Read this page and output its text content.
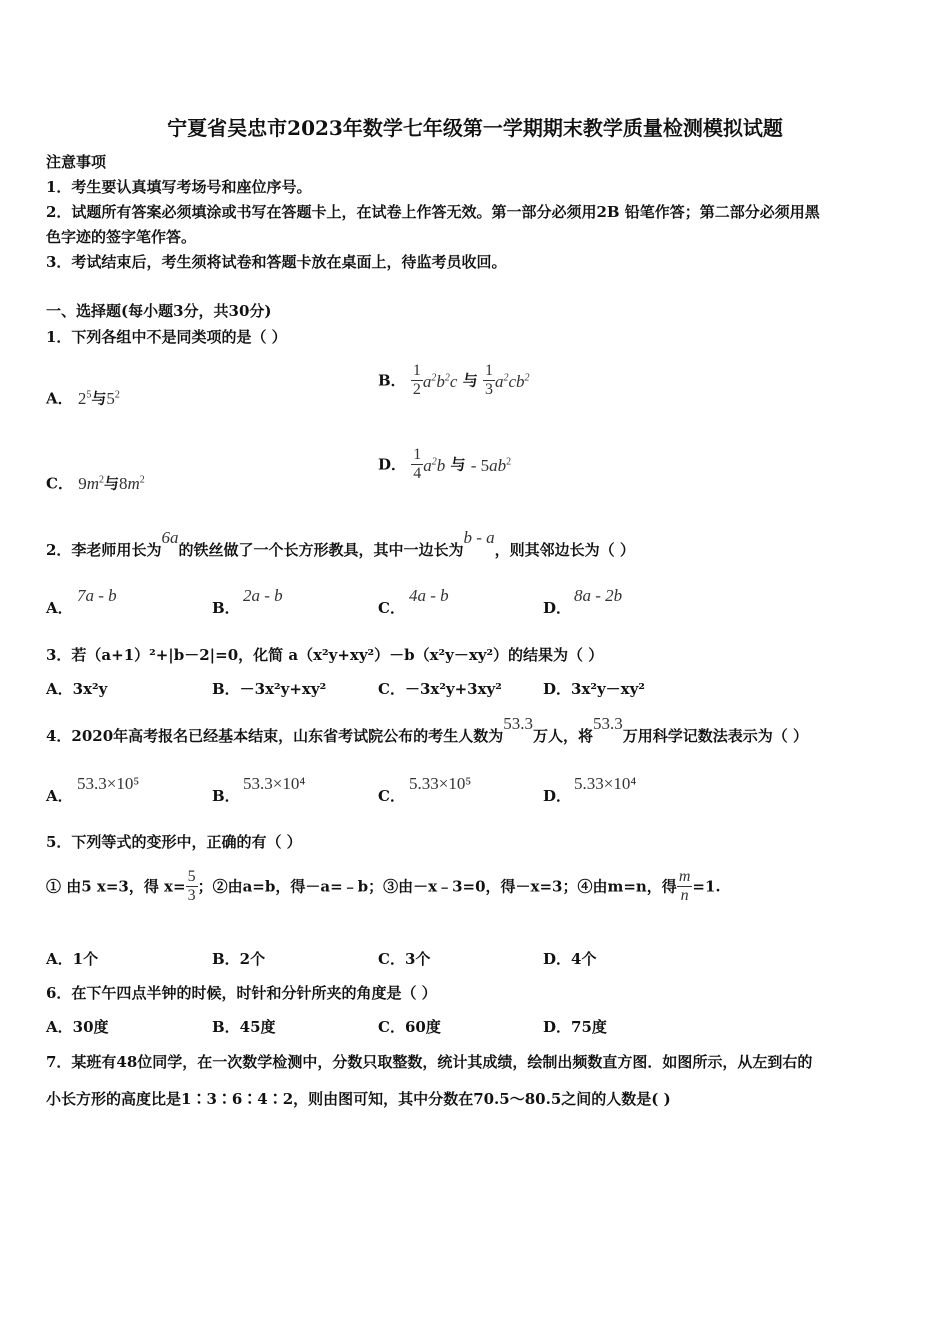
宁夏省吴忠市2023年数学七年级第一学期期末教学质量检测模拟试题
注意事项
1．考生要认真填写考场号和座位序号。
2．试题所有答案必须填涂或书写在答题卡上，在试卷上作答无效。第一部分必须用2B 铅笔作答；第二部分必须用黑
色字迹的签字笔作答。
3．考试结束后，考生须将试卷和答题卡放在桌面上，待监考员收回。
一、选择题(每小题3分，共30分)
1．下列各组中不是同类项的是（ ）
A． $2^5$与$5^2$
B． $\frac{1}{2} a^2b^2c$ 与 $\frac{1}{3} a^2cb^2$
C． $9m^2$与$8m^2$
D． $\frac{1}{4} a^2b$ 与 - $5ab^2$
2．李老师用长为6a的铁丝做了一个长方形教具，其中一边长为b - a，则其邻边长为（ ）
A．
7a - b
B．
2a - b
C．
4a - b
D．
8a - 2b
3．若（a+1）²+|b－2|=0，化简 a（x²y+xy²）－b（x²y－xy²）的结果为（ ）
A．3x²y	B．－3x²y+xy²	C．－3x²y+3xy²	D．3x²y－xy²
4．2020年高考报名已经基本结束，山东省考试院公布的考生人数为53.3万人，将53.3万用科学记数法表示为（ ）
A．
53.3×10⁵
B．
53.3×10⁴
C．
5.33×10⁵
D．
5.33×10⁴
5．下列等式的变形中，正确的有（ ）
① 由5 x=3，得 $x= \frac{5}{3}$ ；②由a=b，得－a=﹣b；③由－x﹣3=0，得－x=3；④由m=n，得 $\frac{m}{n} =1$.
A．1个	B．2个	C．3个	D．4个
6．在下午四点半钟的时候，时针和分针所夹的角度是（ ）
A．30度	B．45度	C．60度	D．75度
7．某班有48位同学，在一次数学检测中，分数只取整数，统计其成绩，绘制出频数直方图．如图所示，从左到右的
小长方形的高度比是1∶3∶6∶4∶2，则由图可知，其中分数在70.5～80.5之间的人数是( )
